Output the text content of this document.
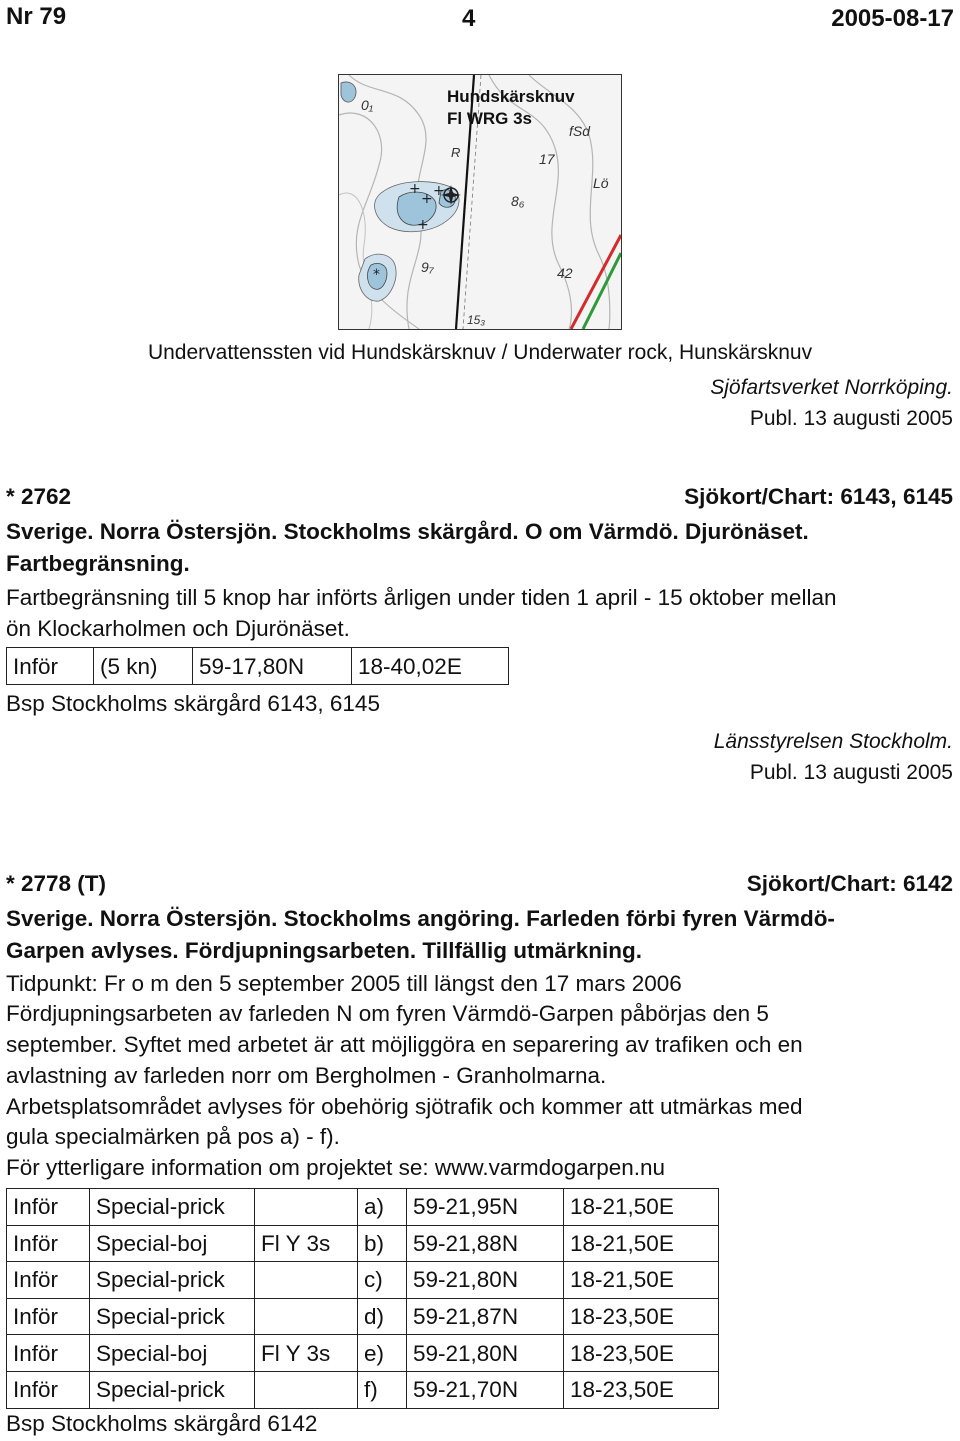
Nr 79	4	2005-08-17
+
+ +
+
*
Hundskärsknuv
Fl WRG 3s
0₁
17
8₆
9₇	42
15₃
fSd
R
Lö
Undervattenssten vid Hundskärsknuv / Underwater rock, Hunskärsknuv
Sjöfartsverket Norrköping.
Publ. 13 augusti 2005
* 2762	Sjökort/Chart: 6143, 6145
Sverige. Norra Östersjön. Stockholms skärgård. O om Värmdö. Djurönäset.
Fartbegränsning.
Fartbegränsning till 5 knop har införts årligen under tiden 1 april - 15 oktober mellan
ön Klockarholmen och Djurönäset.
Inför	(5 kn)	59-17,80N	18-40,02E
Bsp Stockholms skärgård 6143, 6145
Länsstyrelsen Stockholm.
Publ. 13 augusti 2005
* 2778 (T)	Sjökort/Chart: 6142
Sverige. Norra Östersjön. Stockholms angöring. Farleden förbi fyren Värmdö-
Garpen avlyses. Fördjupningsarbeten. Tillfällig utmärkning.
Tidpunkt: Fr o m den 5 september 2005 till längst den 17 mars 2006
Fördjupningsarbeten av farleden N om fyren Värmdö-Garpen påbörjas den 5
september. Syftet med arbetet är att möjliggöra en separering av trafiken och en
avlastning av farleden norr om Bergholmen - Granholmarna.
Arbetsplatsområdet avlyses för obehörig sjötrafik och kommer att utmärkas med
gula specialmärken på pos a) - f).
För ytterligare information om projektet se: www.varmdogarpen.nu
Inför	Special-prick		a)	59-21,95N	18-21,50E
Inför	Special-boj	Fl Y 3s	b)	59-21,88N	18-21,50E
Inför	Special-prick		c)	59-21,80N	18-21,50E
Inför	Special-prick		d)	59-21,87N	18-23,50E
Inför	Special-boj	Fl Y 3s	e)	59-21,80N	18-23,50E
Inför	Special-prick		f)	59-21,70N	18-23,50E
Bsp Stockholms skärgård 6142
